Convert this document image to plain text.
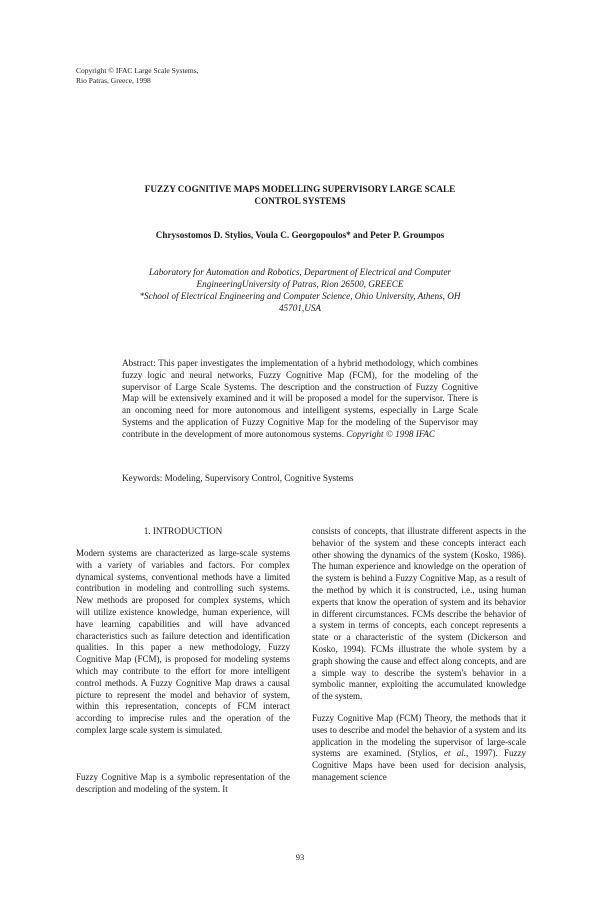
Copyright © IFAC Large Scale Systems,
Rio Patras, Greece, 1998
FUZZY COGNITIVE MAPS MODELLING SUPERVISORY LARGE SCALE
CONTROL SYSTEMS
Chrysostomos D. Stylios, Voula C. Georgopoulos* and Peter P. Groumpos
Laboratory for Automation and Robotics, Department of Electrical and Computer
EngineeringUniversity of Patras, Rion 26500, GREECE
*School of Electrical Engineering and Computer Science, Ohio University, Athens, OH
45701,USA
Abstract: This paper investigates the implementation of a hybrid methodology, which combines fuzzy logic and neural networks, Fuzzy Cognitive Map (FCM), for the modeling of the supervisor of Large Scale Systems. The description and the construction of Fuzzy Cognitive Map will be extensively examined and it will be proposed a model for the supervisor. There is an oncoming need for more autonomous and intelligent systems, especially in Large Scale Systems and the application of Fuzzy Cognitive Map for the modeling of the Supervisor may contribute in the development of more autonomous systems. Copyright © 1998 IFAC
Keywords: Modeling, Supervisory Control, Cognitive Systems
1. INTRODUCTION

Modern systems are characterized as large-scale systems with a variety of variables and factors. For complex dynamical systems, conventional methods have a limited contribution in modeling and controlling such systems. New methods are proposed for complex systems, which will utilize existence knowledge, human experience, will have learning capabilities and will have advanced characteristics such as failure detection and identification qualities. In this paper a new methodology, Fuzzy Cognitive Map (FCM), is proposed for modeling systems which may contribute to the effort for more intelligent control methods. A Fuzzy Cognitive Map draws a causal picture to represent the model and behavior of system, within this representation, concepts of FCM interact according to imprecise rules and the operation of the complex large scale system is simulated.

Fuzzy Cognitive Map is a symbolic representation of the description and modeling of the system. It

consists of concepts, that illustrate different aspects in the behavior of the system and these concepts interact each other showing the dynamics of the system (Kosko, 1986). The human experience and knowledge on the operation of the system is behind a Fuzzy Cognitive Map, as a result of the method by which it is constructed, i.e., using human experts that know the operation of system and its behavior in different circumstances. FCMs describe the behavior of a system in terms of concepts, each concept represents a state or a characteristic of the system (Dickerson and Kosko, 1994). FCMs illustrate the whole system by a graph showing the cause and effect along concepts, and are a simple way to describe the system's behavior in a symbolic manner, exploiting the accumulated knowledge of the system.

Fuzzy Cognitive Map (FCM) Theory, the methods that it uses to describe and model the behavior of a system and its application in the modeling the supervisor of large-scale systems are examined. (Stylios, et al., 1997). Fuzzy Cognitive Maps have been used for decision analysis, management science

93
